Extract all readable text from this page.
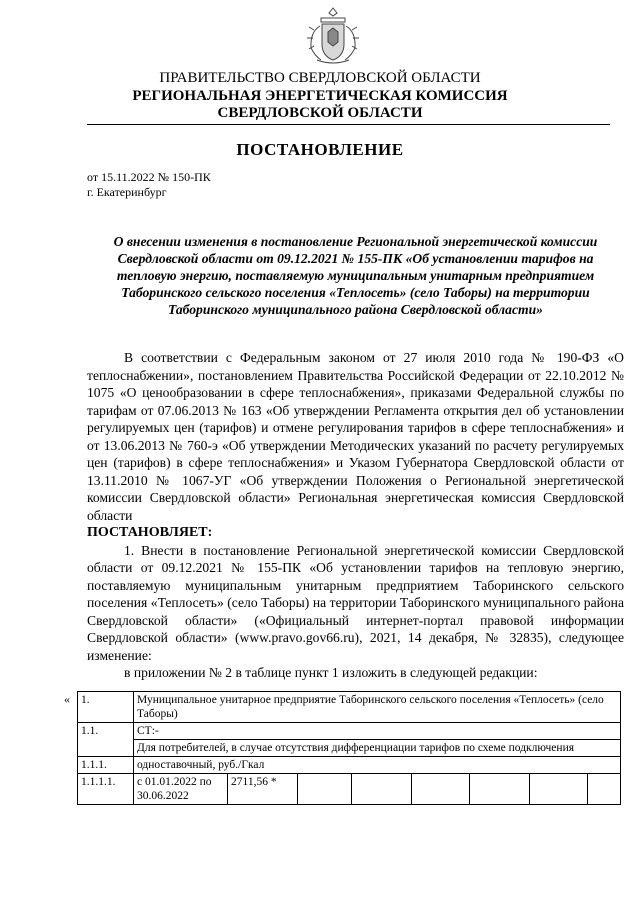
ПРАВИТЕЛЬСТВО СВЕРДЛОВСКОЙ ОБЛАСТИ
РЕГИОНАЛЬНАЯ ЭНЕРГЕТИЧЕСКАЯ КОМИССИЯ
СВЕРДЛОВСКОЙ ОБЛАСТИ
ПОСТАНОВЛЕНИЕ
от 15.11.2022 № 150-ПК
г. Екатеринбург
О внесении изменения в постановление Региональной энергетической комиссии Свердловской области от 09.12.2021 № 155-ПК «Об установлении тарифов на тепловую энергию, поставляемую муниципальным унитарным предприятием Таборинского сельского поселения «Теплосеть» (село Таборы) на территории Таборинского муниципального района Свердловской области»

В соответствии с Федеральным законом от 27 июля 2010 года № 190-ФЗ «О теплоснабжении», постановлением Правительства Российской Федерации от 22.10.2012 № 1075 «О ценообразовании в сфере теплоснабжения», приказами Федеральной службы по тарифам от 07.06.2013 № 163 «Об утверждении Регламента открытия дел об установлении регулируемых цен (тарифов) и отмене регулирования тарифов в сфере теплоснабжения» и от 13.06.2013 № 760-э «Об утверждении Методических указаний по расчету регулируемых цен (тарифов) в сфере теплоснабжения» и Указом Губернатора Свердловской области от 13.11.2010 № 1067-УГ «Об утверждении Положения о Региональной энергетической комиссии Свердловской области» Региональная энергетическая комиссия Свердловской области

ПОСТАНОВЛЯЕТ:

1. Внести в постановление Региональной энергетической комиссии Свердловской области от 09.12.2021 № 155-ПК «Об установлении тарифов на тепловую энергию, поставляемую муниципальным унитарным предприятием Таборинского сельского поселения «Теплосеть» (село Таборы) на территории Таборинского муниципального района Свердловской области» («Официальный интернет-портал правовой информации Свердловской области» (www.pravo.gov66.ru), 2021, 14 декабря, № 32835), следующее изменение:

в приложении № 2 в таблице пункт 1 изложить в следующей редакции:

« 1.	Муниципальное унитарное предприятие Таборинского сельского поселения «Теплосеть» (село Таборы)							
1.1.	СТ:-							
	Для потребителей, в случае отсутствия дифференциации тарифов по схеме подключения							
1.1.1.	одноставочный, руб./Гкал							
1.1.1.1.	с 01.01.2022 по 30.06.2022	2711,56 *						
